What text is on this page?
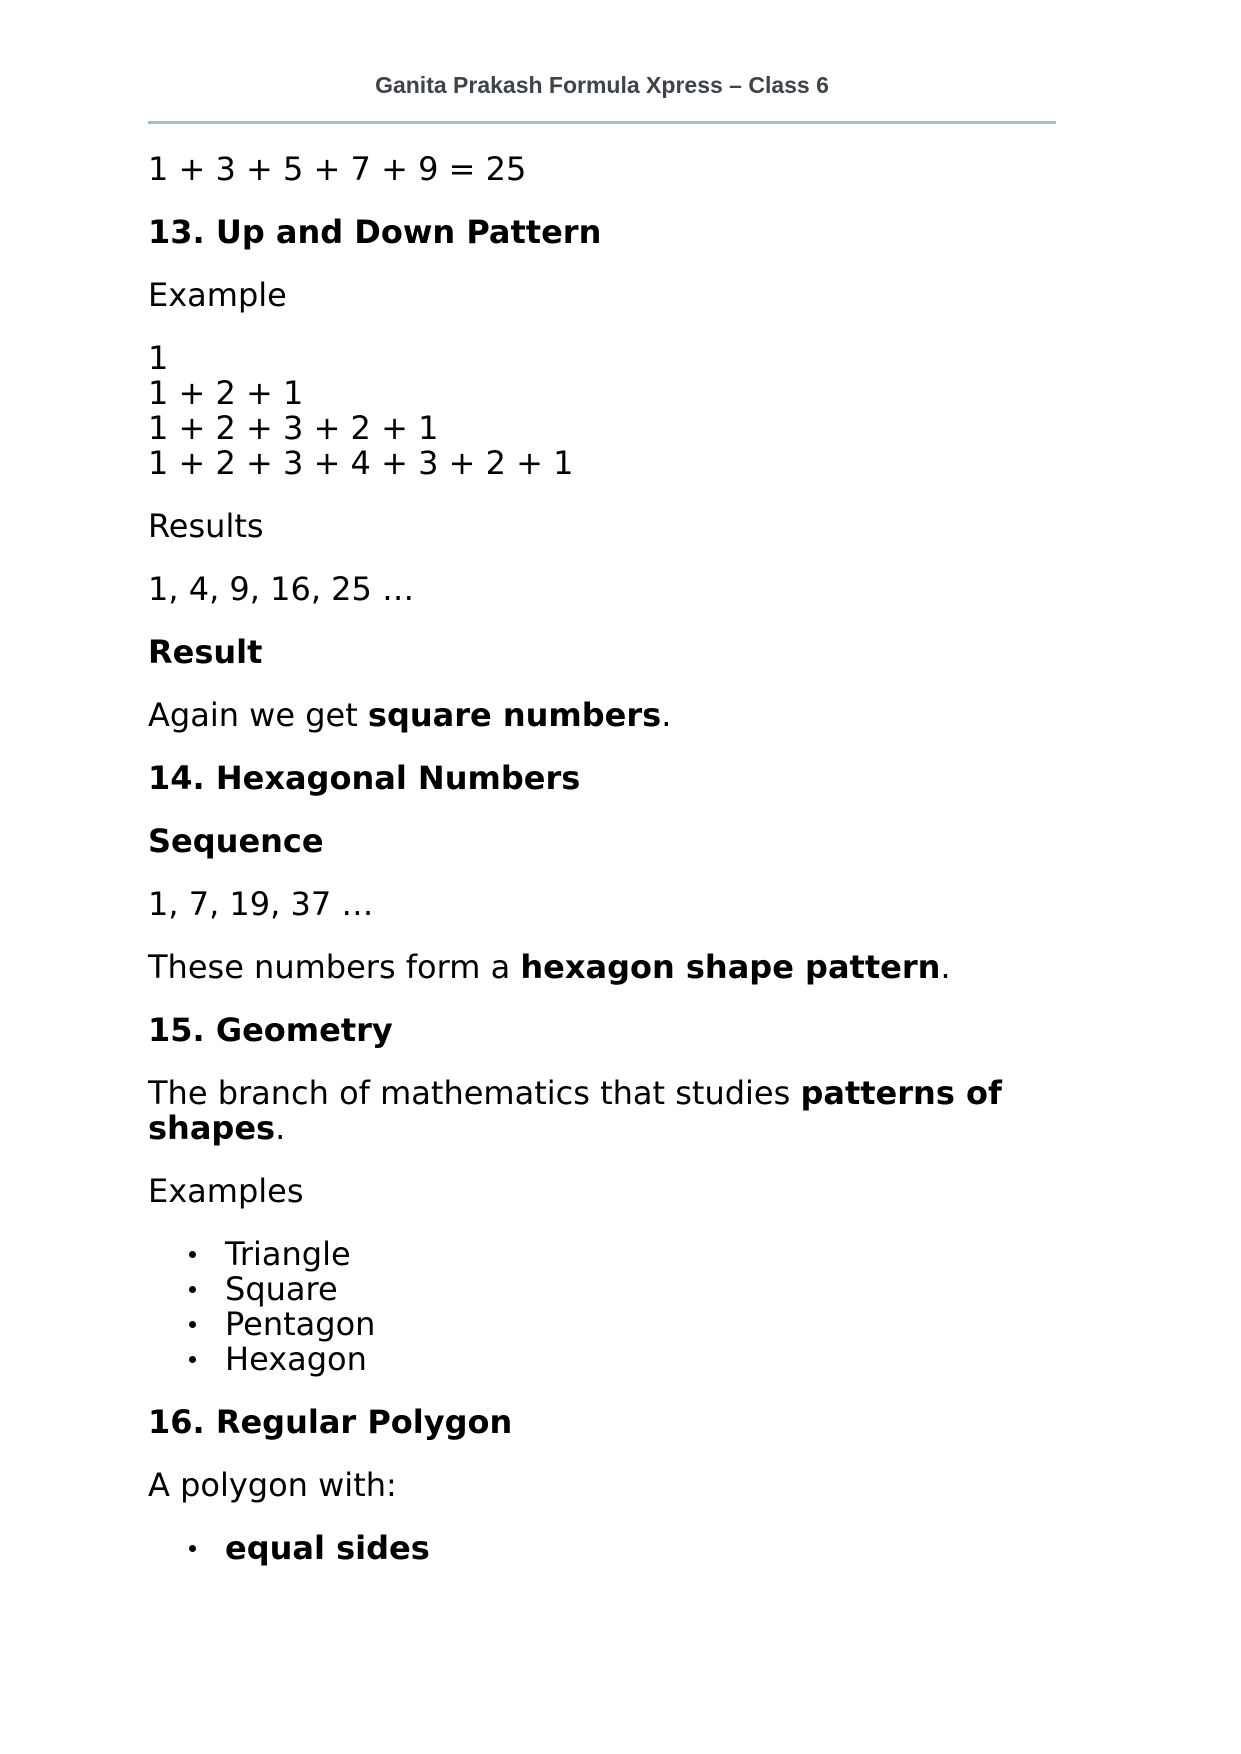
Ganita Prakash Formula Xpress – Class 6
1 + 3 + 5 + 7 + 9 = 25
13. Up and Down Pattern
Example
1
1 + 2 + 1
1 + 2 + 3 + 2 + 1
1 + 2 + 3 + 4 + 3 + 2 + 1
Results
1, 4, 9, 16, 25 …
Result
Again we get square numbers.
14. Hexagonal Numbers
Sequence
1, 7, 19, 37 …
These numbers form a hexagon shape pattern.
15. Geometry
The branch of mathematics that studies patterns of shapes.
Examples
Triangle
Square
Pentagon
Hexagon
16. Regular Polygon
A polygon with:
equal sides
